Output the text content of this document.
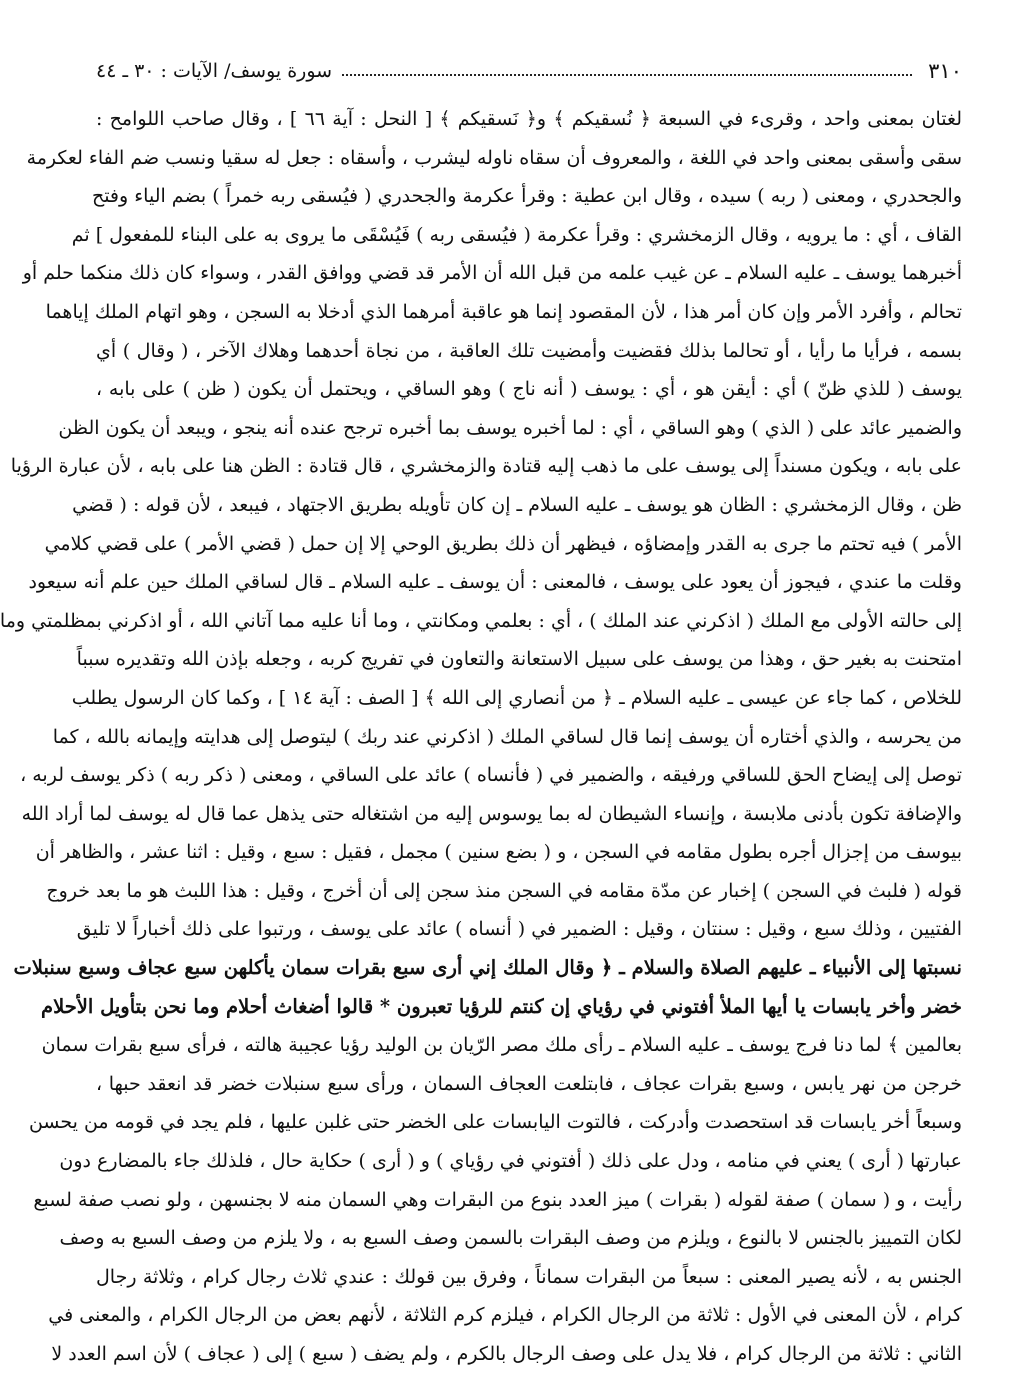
٣١٠
سورة يوسف/ الآيات : ٣٠ ـ ٤٤
لغتان بمعنى واحد ، وقرىء في السبعة ﴿ نُسقيكم ﴾ و﴿ نَسقيكم ﴾ [ النحل : آية ٦٦ ] ، وقال صاحب اللوامح :
سقى وأسقى بمعنى واحد في اللغة ، والمعروف أن سقاه ناوله ليشرب ، وأسقاه : جعل له سقيا ونسب ضم الفاء لعكرمة
والجحدري ، ومعنى ( ربه ) سيده ، وقال ابن عطية : وقرأ عكرمة والجحدري ( فيُسقى ربه خمراً ) بضم الياء وفتح
القاف ، أي : ما يرويه ، وقال الزمخشري : وقرأ عكرمة ( فيُسقى ربه ) فَيُسْقَى ما يروى به على البناء للمفعول ] ثم
أخبرهما يوسف ـ عليه السلام ـ عن غيب علمه من قبل الله أن الأمر قد قضي ووافق القدر ، وسواء كان ذلك منكما حلم أو
تحالم ، وأفرد الأمر وإن كان أمر هذا ، لأن المقصود إنما هو عاقبة أمرهما الذي أدخلا به السجن ، وهو اتهام الملك إياهما
بسمه ، فرأيا ما رأيا ، أو تحالما بذلك فقضيت وأمضيت تلك العاقبة ، من نجاة أحدهما وهلاك الآخر ، ( وقال ) أي
يوسف ( للذي ظنّ ) أي : أيقن هو ، أي : يوسف ( أنه ناج ) وهو الساقي ، ويحتمل أن يكون ( ظن ) على بابه ،
والضمير عائد على ( الذي ) وهو الساقي ، أي : لما أخبره يوسف بما أخبره ترجح عنده أنه ينجو ، ويبعد أن يكون الظن
على بابه ، ويكون مسنداً إلى يوسف على ما ذهب إليه قتادة والزمخشري ، قال قتادة : الظن هنا على بابه ، لأن عبارة الرؤيا
ظن ، وقال الزمخشري : الظان هو يوسف ـ عليه السلام ـ إن كان تأويله بطريق الاجتهاد ، فيبعد ، لأن قوله : ( قضي
الأمر ) فيه تحتم ما جرى به القدر وإمضاؤه ، فيظهر أن ذلك بطريق الوحي إلا إن حمل ( قضي الأمر ) على قضي كلامي
وقلت ما عندي ، فيجوز أن يعود على يوسف ، فالمعنى : أن يوسف ـ عليه السلام ـ قال لساقي الملك حين علم أنه سيعود
إلى حالته الأولى مع الملك ( اذكرني عند الملك ) ، أي : بعلمي ومكانتي ، وما أنا عليه مما آتاني الله ، أو اذكرني بمظلمتي وما
امتحنت به بغير حق ، وهذا من يوسف على سبيل الاستعانة والتعاون في تفريج كربه ، وجعله بإذن الله وتقديره سبباً
للخلاص ، كما جاء عن عيسى ـ عليه السلام ـ ﴿ من أنصاري إلى الله ﴾ [ الصف : آية ١٤ ] ، وكما كان الرسول يطلب
من يحرسه ، والذي أختاره أن يوسف إنما قال لساقي الملك ( اذكرني عند ربك ) ليتوصل إلى هدايته وإيمانه بالله ، كما
توصل إلى إيضاح الحق للساقي ورفيقه ، والضمير في ( فأنساه ) عائد على الساقي ، ومعنى ( ذكر ربه ) ذكر يوسف لربه ،
والإضافة تكون بأدنى ملابسة ، وإنساء الشيطان له بما يوسوس إليه من اشتغاله حتى يذهل عما قال له يوسف لما أراد الله
بيوسف من إجزال أجره بطول مقامه في السجن ، و ( بضع سنين ) مجمل ، فقيل : سبع ، وقيل : اثنا عشر ، والظاهر أن
قوله ( فلبث في السجن ) إخبار عن مدّة مقامه في السجن منذ سجن إلى أن أخرج ، وقيل : هذا اللبث هو ما بعد خروج
الفتيين ، وذلك سبع ، وقيل : سنتان ، وقيل : الضمير في ( أنساه ) عائد على يوسف ، ورتبوا على ذلك أخباراً لا تليق
نسبتها إلى الأنبياء ـ عليهم الصلاة والسلام ـ ﴿ وقال الملك إني أرى سبع بقرات سمان يأكلهن سبع عجاف وسبع سنبلات
خضر وأخر يابسات يا أيها الملأ أفتوني في رؤياي إن كنتم للرؤيا تعبرون * قالوا أضغاث أحلام وما نحن بتأويل الأحلام
بعالمين ﴾ لما دنا فرج يوسف ـ عليه السلام ـ رأى ملك مصر الرّيان بن الوليد رؤيا عجيبة هالته ، فرأى سبع بقرات سمان
خرجن من نهر يابس ، وسبع بقرات عجاف ، فابتلعت العجاف السمان ، ورأى سبع سنبلات خضر قد انعقد حبها ،
وسبعاً أخر يابسات قد استحصدت وأدركت ، فالتوت اليابسات على الخضر حتى غلبن عليها ، فلم يجد في قومه من يحسن
عبارتها ( أرى ) يعني في منامه ، ودل على ذلك ( أفتوني في رؤياي ) و ( أرى ) حكاية حال ، فلذلك جاء بالمضارع دون
رأيت ، و ( سمان ) صفة لقوله ( بقرات ) ميز العدد بنوع من البقرات وهي السمان منه لا بجنسهن ، ولو نصب صفة لسبع
لكان التمييز بالجنس لا بالنوع ، ويلزم من وصف البقرات بالسمن وصف السبع به ، ولا يلزم من وصف السبع به وصف
الجنس به ، لأنه يصير المعنى : سبعاً من البقرات سماناً ، وفرق بين قولك : عندي ثلاث رجال كرام ، وثلاثة رجال
كرام ، لأن المعنى في الأول : ثلاثة من الرجال الكرام ، فيلزم كرم الثلاثة ، لأنهم بعض من الرجال الكرام ، والمعنى في
الثاني : ثلاثة من الرجال كرام ، فلا يدل على وصف الرجال بالكرم ، ولم يضف ( سبع ) إلى ( عجاف ) لأن اسم العدد لا
